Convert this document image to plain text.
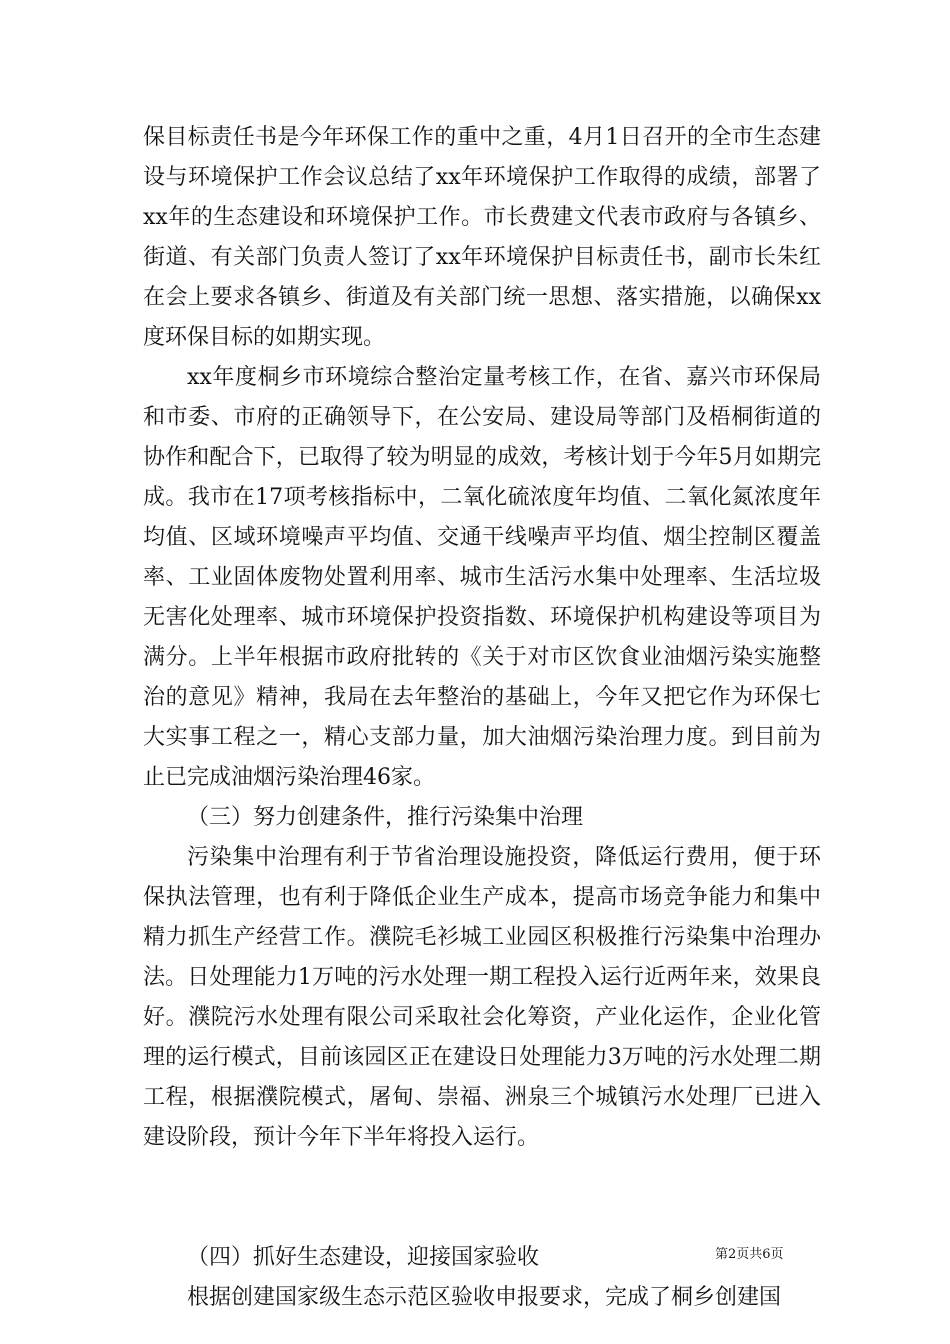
保目标责任书是今年环保工作的重中之重，4月1日召开的全市生态建设与环境保护工作会议总结了xx年环境保护工作取得的成绩，部署了xx年的生态建设和环境保护工作。市长费建文代表市政府与各镇乡、街道、有关部门负责人签订了xx年环境保护目标责任书，副市长朱红在会上要求各镇乡、街道及有关部门统一思想、落实措施，以确保xx度环保目标的如期实现。

xx年度桐乡市环境综合整治定量考核工作，在省、嘉兴市环保局和市委、市府的正确领导下，在公安局、建设局等部门及梧桐街道的协作和配合下，已取得了较为明显的成效，考核计划于今年5月如期完成。我市在17项考核指标中，二氧化硫浓度年均值、二氧化氮浓度年均值、区域环境噪声平均值、交通干线噪声平均值、烟尘控制区覆盖率、工业固体废物处置利用率、城市生活污水集中处理率、生活垃圾无害化处理率、城市环境保护投资指数、环境保护机构建设等项目为满分。上半年根据市政府批转的《关于对市区饮食业油烟污染实施整治的意见》精神，我局在去年整治的基础上，今年又把它作为环保七大实事工程之一，精心支部力量，加大油烟污染治理力度。到目前为止已完成油烟污染治理46家。

（三）努力创建条件，推行污染集中治理

污染集中治理有利于节省治理设施投资，降低运行费用，便于环保执法管理，也有利于降低企业生产成本，提高市场竞争能力和集中精力抓生产经营工作。濮院毛衫城工业园区积极推行污染集中治理办法。日处理能力1万吨的污水处理一期工程投入运行近两年来，效果良好。濮院污水处理有限公司采取社会化筹资，产业化运作，企业化管理的运行模式，目前该园区正在建设日处理能力3万吨的污水处理二期工程，根据濮院模式，屠甸、崇福、洲泉三个城镇污水处理厂已进入建设阶段，预计今年下半年将投入运行。

（四）抓好生态建设，迎接国家验收

根据创建国家级生态示范区验收申报要求，完成了桐乡创建国

第2页共6页
